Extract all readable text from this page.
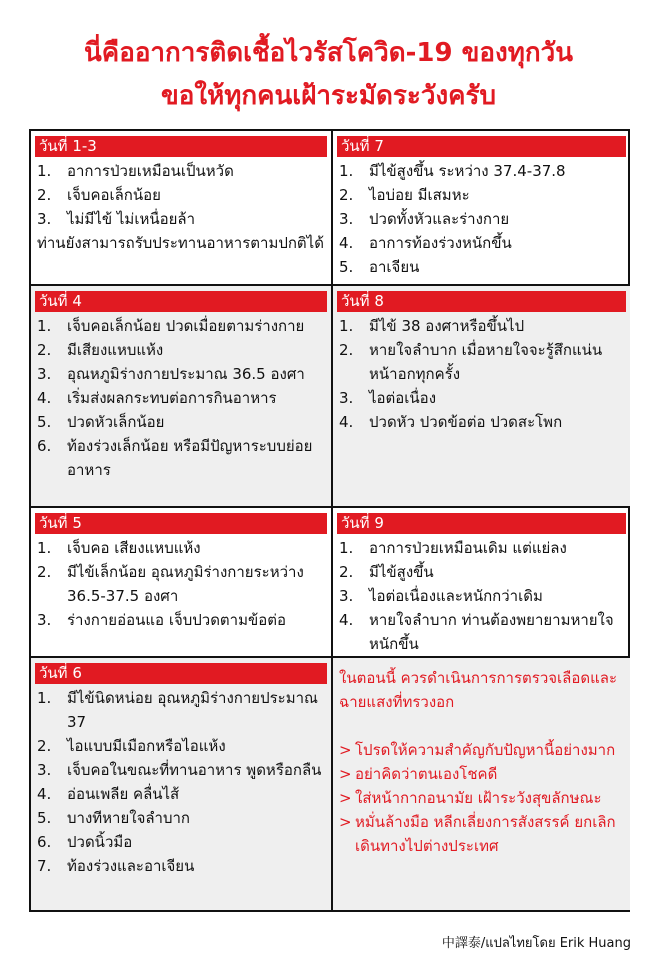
นี่คืออาการติดเชื้อไวรัสโควิด-19 ของทุกวัน
ขอให้ทุกคนเฝ้าระมัดระวังครับ
วันที่ 1-3
1. อาการป่วยเหมือนเป็นหวัด
2. เจ็บคอเล็กน้อย
3. ไม่มีไข้ ไม่เหนื่อยล้า
ท่านยังสามารถรับประทานอาหารตามปกติได้
วันที่ 7
1. มีไข้สูงขึ้น ระหว่าง 37.4-37.8
2. ไอบ่อย มีเสมหะ
3. ปวดทั้งหัวและร่างกาย
4. อาการท้องร่วงหนักขึ้น
5. อาเจียน
วันที่ 4
1. เจ็บคอเล็กน้อย ปวดเมื่อยตามร่างกาย
2. มีเสียงแหบแห้ง
3. อุณหภูมิร่างกายประมาณ 36.5 องศา
4. เริ่มส่งผลกระทบต่อการกินอาหาร
5. ปวดหัวเล็กน้อย
6. ท้องร่วงเล็กน้อย หรือมีปัญหาระบบย่อยอาหาร
วันที่ 8
1. มีไข้ 38 องศาหรือขึ้นไป
2. หายใจลำบาก เมื่อหายใจจะรู้สึกแน่นหน้าอกทุกครั้ง
3. ไอต่อเนื่อง
4. ปวดหัว ปวดข้อต่อ ปวดสะโพก
วันที่ 5
1. เจ็บคอ เสียงแหบแห้ง
2. มีไข้เล็กน้อย อุณหภูมิร่างกายระหว่าง 36.5-37.5 องศา
3. ร่างกายอ่อนแอ เจ็บปวดตามข้อต่อ
วันที่ 9
1. อาการป่วยเหมือนเดิม แต่แย่ลง
2. มีไข้สูงขึ้น
3. ไอต่อเนื่องและหนักกว่าเดิม
4. หายใจลำบาก ท่านต้องพยายามหายใจหนักขึ้น
วันที่ 6
1. มีไข้นิดหน่อย อุณหภูมิร่างกายประมาณ 37
2. ไอแบบมีเมือกหรือไอแห้ง
3. เจ็บคอในขณะที่ทานอาหาร พูดหรือกลืน
4. อ่อนเพลีย คลื่นไส้
5. บางทีหายใจลำบาก
6. ปวดนิ้วมือ
7. ท้องร่วงและอาเจียน
ในตอนนี้ ควรดำเนินการการตรวจเลือดและฉายแสงที่ทรวงอก
> โปรดให้ความสำคัญกับปัญหานี้อย่างมาก
> อย่าคิดว่าตนเองโชคดี
> ใส่หน้ากากอนามัย เฝ้าระวังสุขลักษณะ
> หมั่นล้างมือ หลีกเลี่ยงการสังสรรค์ ยกเลิกเดินทางไปต่างประเทศ
中譯泰/แปลไทยโดย Erik Huang
